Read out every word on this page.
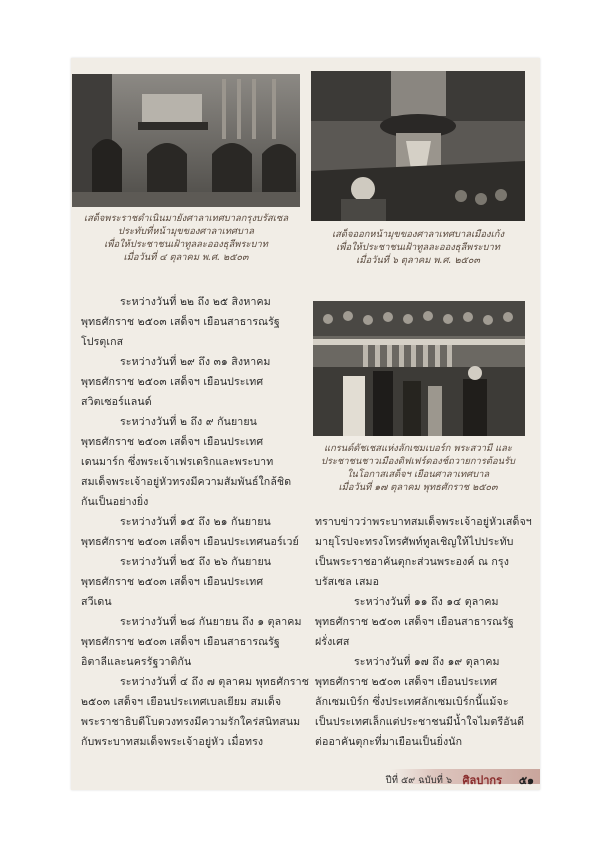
เสด็จพระราชดำเนินมายังศาลาเทศบาลกรุงบรัสเซล
ประทับที่หน้ามุขของศาลาเทศบาล
เพื่อให้ประชาชนเฝ้าทูลละอองธุลีพระบาท
เมื่อวันที่ ๔ ตุลาคม พ.ศ. ๒๕๐๓
เสด็จออกหน้ามุขของศาลาเทศบาลเมืองเก้ง
เพื่อให้ประชาชนเฝ้าทูลละอองธุลีพระบาท
เมื่อวันที่ ๖ ตุลาคม พ.ศ. ๒๕๐๓
แกรนด์ดัชเชสแห่งลักเซมเบอร์ก พระสวามี และ
ประชาชนชาวเมืองดิฟเฟร์ดองช์ถวายการต้อนรับ
ในโอกาสเสด็จฯ เยือนศาลาเทศบาล
เมื่อวันที่ ๑๗ ตุลาคม พุทธศักราช ๒๕๐๓
ระหว่างวันที่ ๒๒ ถึง ๒๕ สิงหาคม
พุทธศักราช ๒๕๐๓ เสด็จฯ เยือนสาธารณรัฐ
โปรตุเกส
ระหว่างวันที่ ๒๙ ถึง ๓๑ สิงหาคม
พุทธศักราช ๒๕๐๓ เสด็จฯ เยือนประเทศ
สวิตเซอร์แลนด์
ระหว่างวันที่ ๒ ถึง ๙ กันยายน
พุทธศักราช ๒๕๐๓ เสด็จฯ เยือนประเทศ
เดนมาร์ก ซึ่งพระเจ้าเฟรเดริกและพระบาท
สมเด็จพระเจ้าอยู่หัวทรงมีความสัมพันธ์ใกล้ชิด
กันเป็นอย่างยิ่ง
ระหว่างวันที่ ๑๕ ถึง ๒๑ กันยายน
พุทธศักราช ๒๕๐๓ เสด็จฯ เยือนประเทศนอร์เวย์
ระหว่างวันที่ ๒๕ ถึง ๒๖ กันยายน
พุทธศักราช ๒๕๐๓ เสด็จฯ เยือนประเทศ
สวีเดน
ระหว่างวันที่ ๒๘ กันยายน ถึง ๑ ตุลาคม
พุทธศักราช ๒๕๐๓ เสด็จฯ เยือนสาธารณรัฐ
อิตาลีและนครรัฐวาติกัน
ระหว่างวันที่ ๔ ถึง ๗ ตุลาคม พุทธศักราช
๒๕๐๓ เสด็จฯ เยือนประเทศเบลเยียม สมเด็จ
พระราชาธิบดีโบดวงทรงมีความรักใคร่สนิทสนม
กับพระบาทสมเด็จพระเจ้าอยู่หัว เมื่อทรง
ทราบข่าวว่าพระบาทสมเด็จพระเจ้าอยู่หัวเสด็จฯ
มายุโรปจะทรงโทรศัพท์ทูลเชิญให้ไปประทับ
เป็นพระราชอาคันตุกะส่วนพระองค์ ณ กรุง
บรัสเซล เสมอ
ระหว่างวันที่ ๑๑ ถึง ๑๔ ตุลาคม
พุทธศักราช ๒๕๐๓ เสด็จฯ เยือนสาธารณรัฐ
ฝรั่งเศส
ระหว่างวันที่ ๑๗ ถึง ๑๙ ตุลาคม
พุทธศักราช ๒๕๐๓ เสด็จฯ เยือนประเทศ
ลักเซมเบิร์ก ซึ่งประเทศลักเซมเบิร์กนี้แม้จะ
เป็นประเทศเล็กแต่ประชาชนมีน้ำใจไมตรีอันดี
ต่ออาคันตุกะที่มาเยือนเป็นยิ่งนัก
ปีที่ ๕๙ ฉบับที่ ๖ ศิลปากร ๕๑
